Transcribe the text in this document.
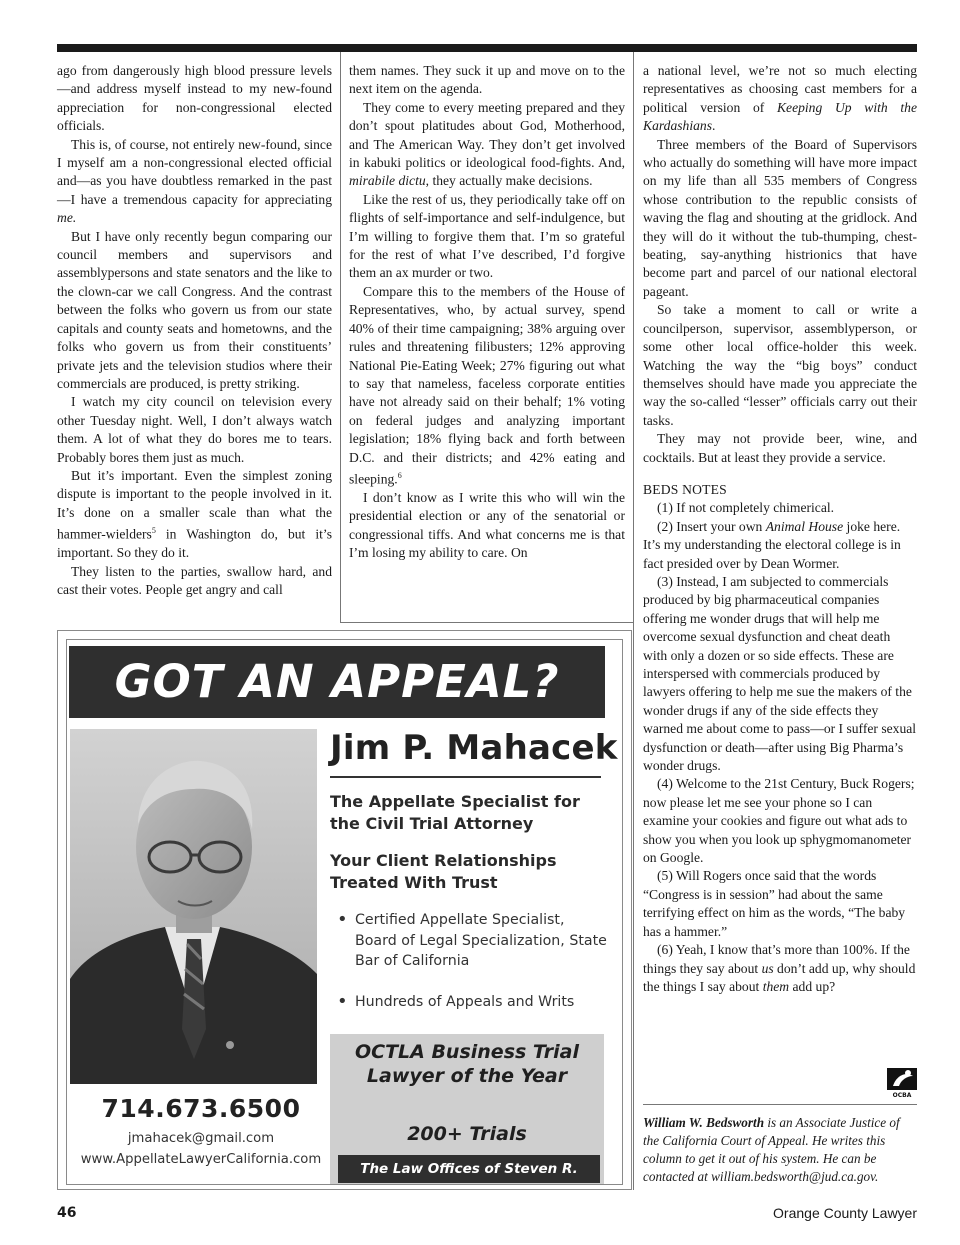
ago from dangerously high blood pressure levels—and address myself instead to my new-found appreciation for non-congressional elected officials.

This is, of course, not entirely new-found, since I myself am a non-congressional elected official and—as you have doubtless remarked in the past—I have a tremendous capacity for appreciating me.

But I have only recently begun comparing our council members and supervisors and assemblypersons and state senators and the like to the clown-car we call Congress. And the contrast between the folks who govern us from our state capitals and county seats and hometowns, and the folks who govern us from their constituents’ private jets and the television studios where their commercials are produced, is pretty striking.

I watch my city council on television every other Tuesday night. Well, I don’t always watch them. A lot of what they do bores me to tears. Probably bores them just as much.

But it’s important. Even the simplest zoning dispute is important to the people involved in it. It’s done on a smaller scale than what the hammer-wielders$^5$ in Washington do, but it’s important. So they do it.

They listen to the parties, swallow hard, and cast their votes. People get angry and call

them names. They suck it up and move on to the next item on the agenda.

They come to every meeting prepared and they don’t spout platitudes about God, Motherhood, and The American Way. They don’t get involved in kabuki politics or ideological food-fights. And, mirabile dictu, they actually make decisions.

Like the rest of us, they periodically take off on flights of self-importance and self-indulgence, but I’m willing to forgive them that. I’m so grateful for the rest of what I’ve described, I’d forgive them an ax murder or two.

Compare this to the members of the House of Representatives, who, by actual survey, spend 40% of their time campaigning; 38% arguing over rules and threatening filibusters; 12% approving National Pie-Eating Week; 27% figuring out what to say that nameless, faceless corporate entities have not already said on their behalf; 1% voting on federal judges and analyzing important legislation; 18% flying back and forth between D.C. and their districts; and 42% eating and sleeping.$^6$

I don’t know as I write this who will win the presidential election or any of the senatorial or congressional tiffs. And what concerns me is that I’m losing my ability to care. On

a national level, we’re not so much electing representatives as choosing cast members for a political version of Keeping Up with the Kardashians.

Three members of the Board of Supervisors who actually do something will have more impact on my life than all 535 members of Congress whose contribution to the republic consists of waving the flag and shouting at the gridlock. And they will do it without the tub-thumping, chest-beating, say-anything histrionics that have become part and parcel of our national electoral pageant.

So take a moment to call or write a councilperson, supervisor, assemblyperson, or some other local office-holder this week. Watching the way the “big boys” conduct themselves should have made you appreciate the way the so-called “lesser” officials carry out their tasks.

They may not provide beer, wine, and cocktails. But at least they provide a service.

BEDS NOTES

(1) If not completely chimerical.

(2) Insert your own Animal House joke here. It’s my understanding the electoral college is in fact presided over by Dean Wormer.

(3) Instead, I am subjected to commercials produced by big pharmaceutical companies offering me wonder drugs that will help me overcome sexual dysfunction and cheat death with only a dozen or so side effects. These are interspersed with commercials produced by lawyers offering to help me sue the makers of the wonder drugs if any of the side effects they warned me about come to pass—or I suffer sexual dysfunction or death—after using Big Pharma’s wonder drugs.

(4) Welcome to the 21st Century, Buck Rogers; now please let me see your phone so I can examine your cookies and figure out what ads to show you when you look up sphygmomanometer on Google.

(5) Will Rogers once said that the words “Congress is in session” had about the same terrifying effect on him as the words, “The baby has a hammer.”

(6) Yeah, I know that’s more than 100%. If the things they say about us don’t add up, why should the things I say about them add up?

OCBA
William W. Bedsworth is an Associate Justice of the California Court of Appeal. He writes this column to get it out of his system. He can be contacted at william.bedsworth@jud.ca.gov.
GOT AN APPEAL?
Jim P. Mahacek
The Appellate Specialist for the Civil Trial Attorney
Your Client Relationships Treated With Trust
• Certified Appellate Specialist, Board of Legal Specialization, State Bar of California
• Hundreds of Appeals and Writs
OCTLA Business Trial Lawyer of the Year
200+ Trials
The Law Offices of Steven R. Young
714.673.6500
jmahacek@gmail.com
www.AppellateLawyerCalifornia.com
46	Orange County Lawyer
